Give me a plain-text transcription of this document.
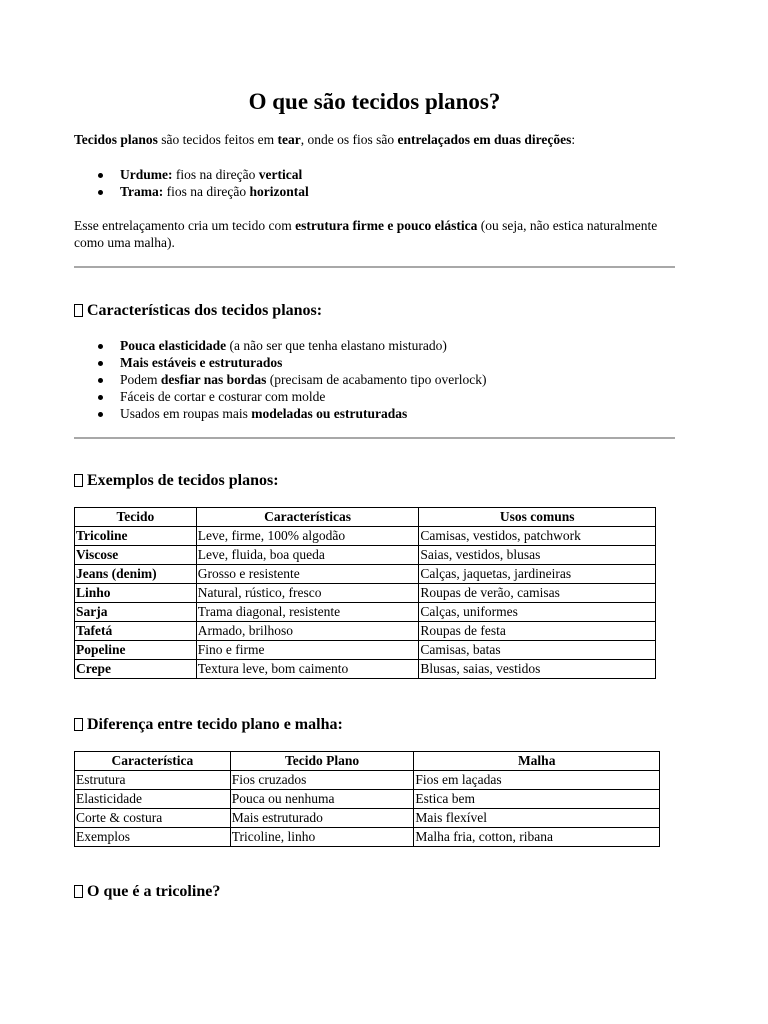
O que são tecidos planos?

Tecidos planos são tecidos feitos em tear, onde os fios são entrelaçados em duas direções:

Urdume: fios na direção vertical
Trama: fios na direção horizontal

Esse entrelaçamento cria um tecido com estrutura firme e pouco elástica (ou seja, não estica naturalmente como uma malha).

Características dos tecidos planos:
Pouca elasticidade (a não ser que tenha elastano misturado)
Mais estáveis e estruturados
Podem desfiar nas bordas (precisam de acabamento tipo overlock)
Fáceis de cortar e costurar com molde
Usados em roupas mais modeladas ou estruturadas
Exemplos de tecidos planos:
Tecido	Características	Usos comuns
Tricoline	Leve, firme, 100% algodão	Camisas, vestidos, patchwork
Viscose	Leve, fluida, boa queda	Saias, vestidos, blusas
Jeans (denim)	Grosso e resistente	Calças, jaquetas, jardineiras
Linho	Natural, rústico, fresco	Roupas de verão, camisas
Sarja	Trama diagonal, resistente	Calças, uniformes
Tafetá	Armado, brilhoso	Roupas de festa
Popeline	Fino e firme	Camisas, batas
Crepe	Textura leve, bom caimento	Blusas, saias, vestidos
Diferença entre tecido plano e malha:
Característica	Tecido Plano	Malha
Estrutura	Fios cruzados	Fios em laçadas
Elasticidade	Pouca ou nenhuma	Estica bem
Corte & costura	Mais estruturado	Mais flexível
Exemplos	Tricoline, linho	Malha fria, cotton, ribana
O que é a tricoline?
